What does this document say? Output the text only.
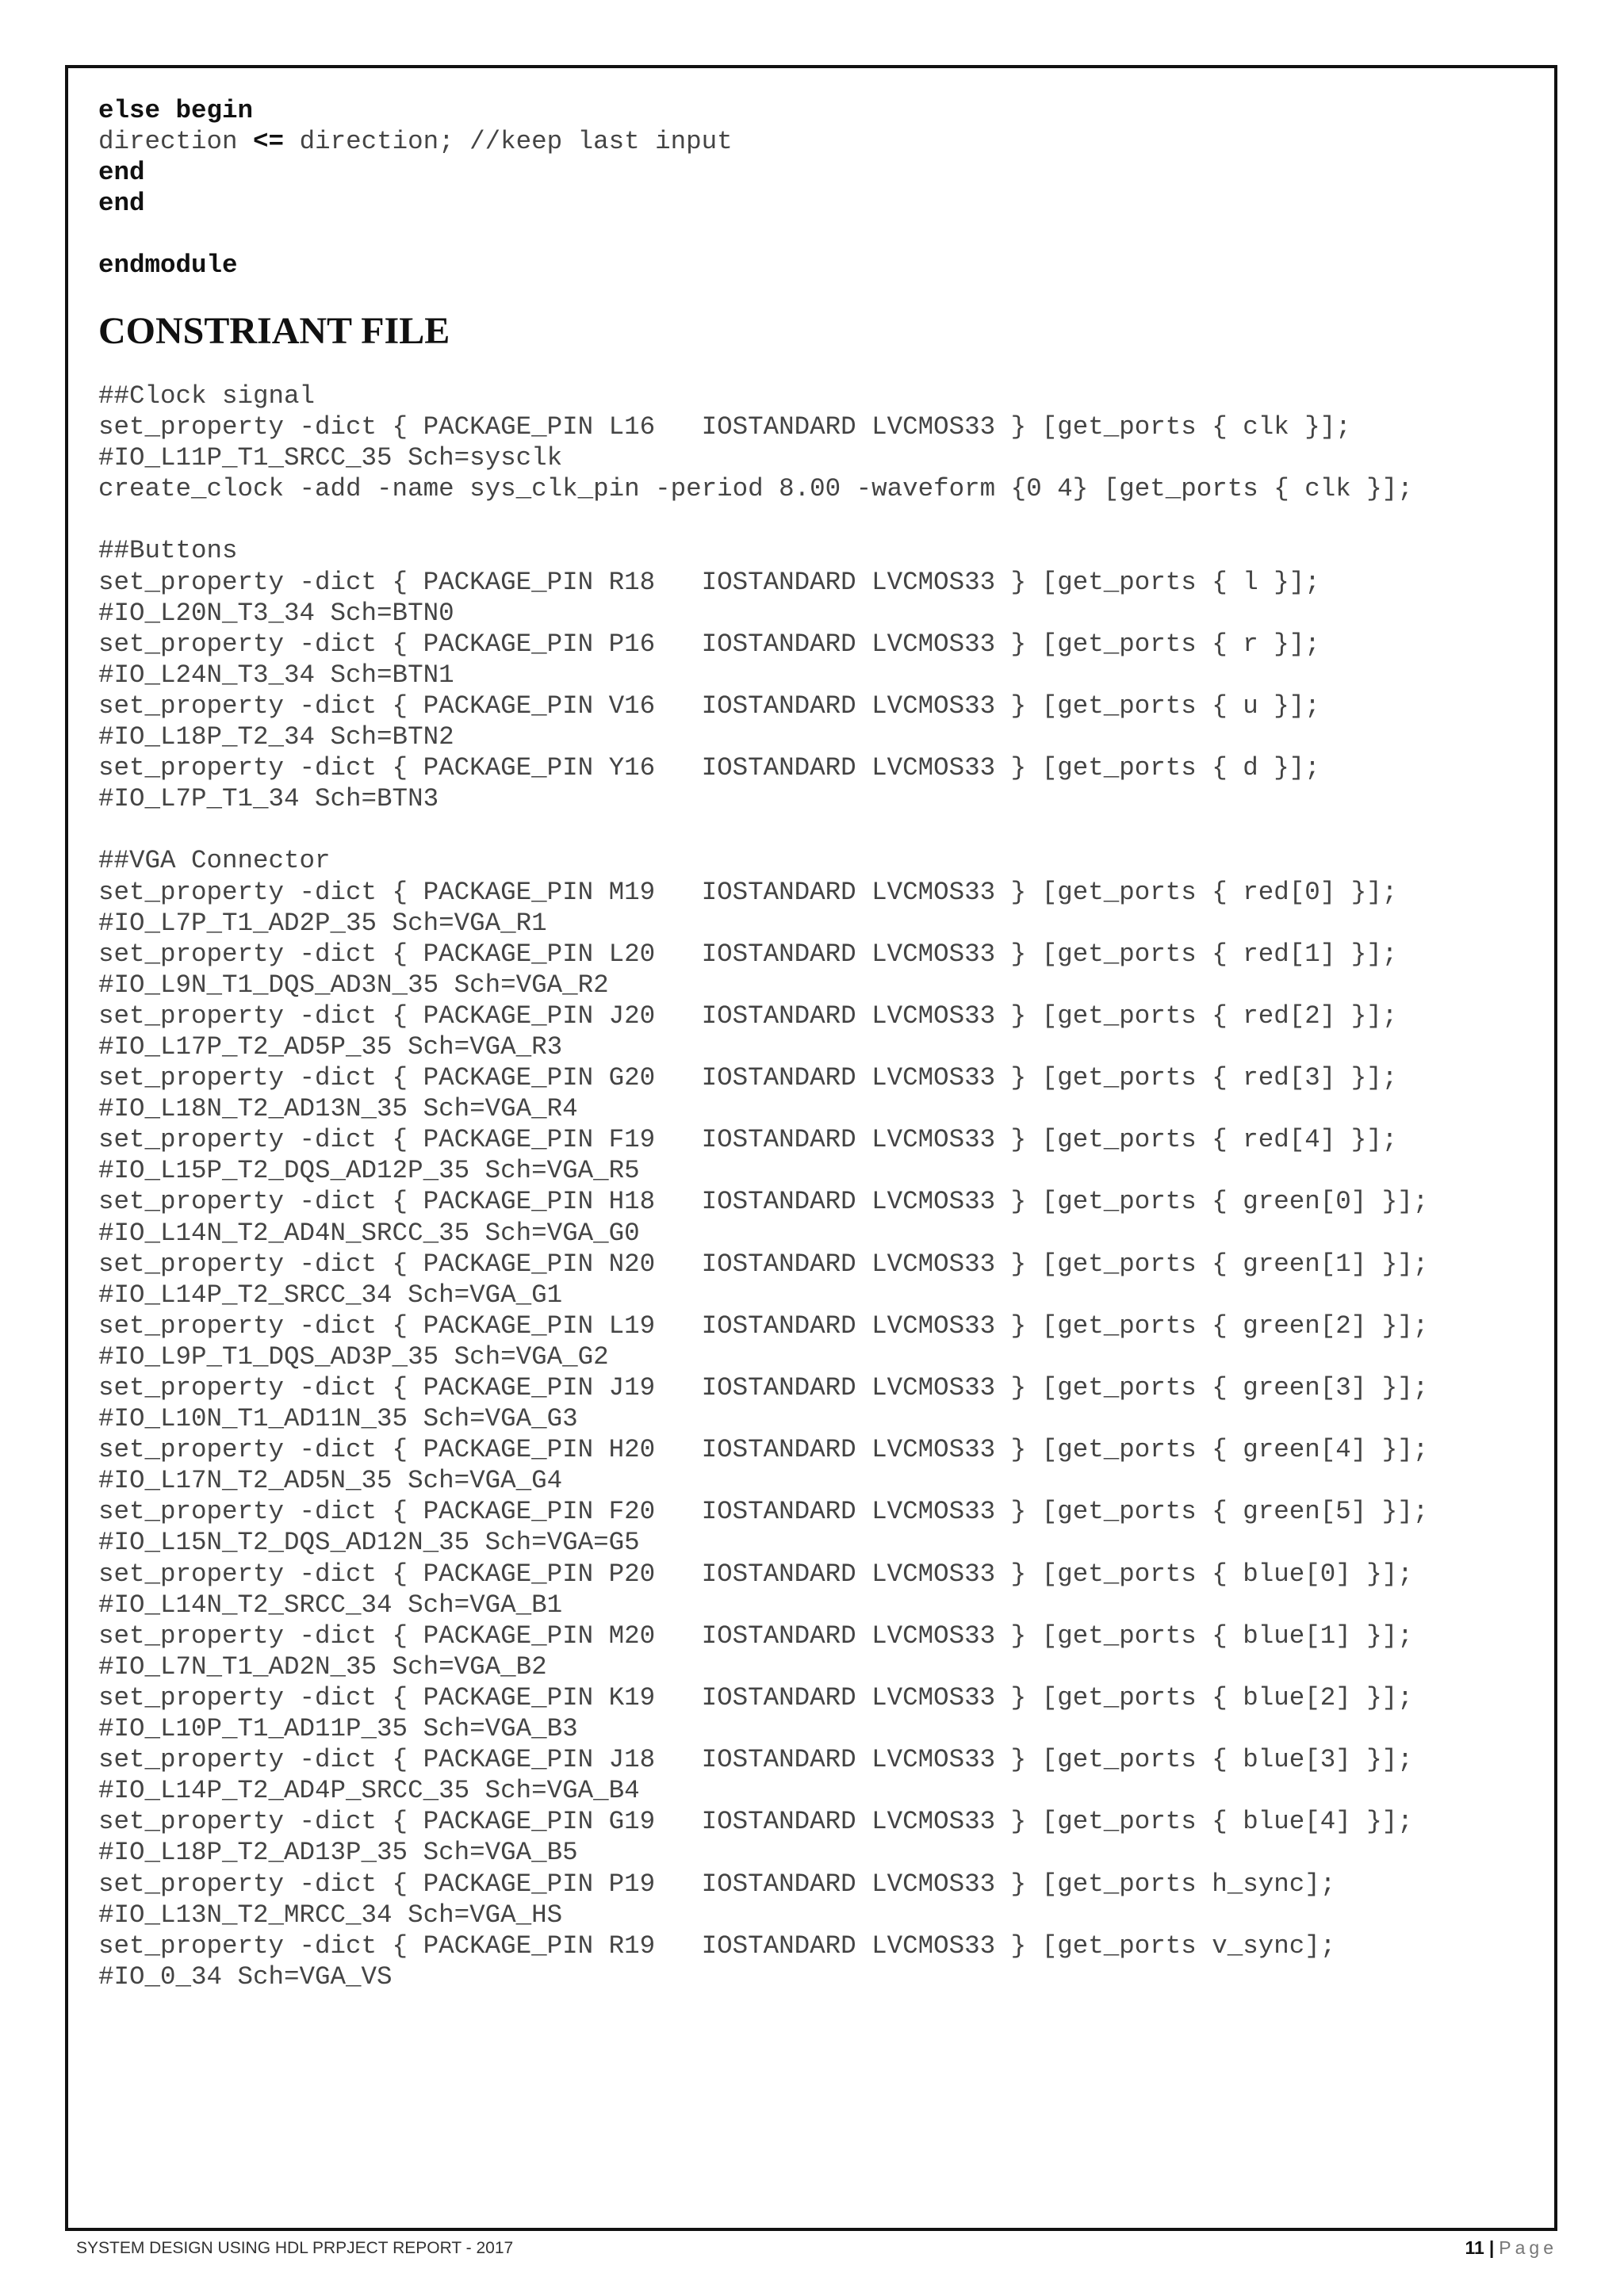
else begin
direction <= direction; //keep last input
end
end
endmodule
CONSTRIANT FILE
##Clock signal
set_property -dict { PACKAGE_PIN L16   IOSTANDARD LVCMOS33 } [get_ports { clk }];
#IO_L11P_T1_SRCC_35 Sch=sysclk
create_clock -add -name sys_clk_pin -period 8.00 -waveform {0 4} [get_ports { clk }];
##Buttons
set_property -dict { PACKAGE_PIN R18   IOSTANDARD LVCMOS33 } [get_ports { l }];
#IO_L20N_T3_34 Sch=BTN0
set_property -dict { PACKAGE_PIN P16   IOSTANDARD LVCMOS33 } [get_ports { r }];
#IO_L24N_T3_34 Sch=BTN1
set_property -dict { PACKAGE_PIN V16   IOSTANDARD LVCMOS33 } [get_ports { u }];
#IO_L18P_T2_34 Sch=BTN2
set_property -dict { PACKAGE_PIN Y16   IOSTANDARD LVCMOS33 } [get_ports { d }];
#IO_L7P_T1_34 Sch=BTN3
##VGA Connector
set_property -dict { PACKAGE_PIN M19   IOSTANDARD LVCMOS33 } [get_ports { red[0] }];
#IO_L7P_T1_AD2P_35 Sch=VGA_R1
set_property -dict { PACKAGE_PIN L20   IOSTANDARD LVCMOS33 } [get_ports { red[1] }];
#IO_L9N_T1_DQS_AD3N_35 Sch=VGA_R2
set_property -dict { PACKAGE_PIN J20   IOSTANDARD LVCMOS33 } [get_ports { red[2] }];
#IO_L17P_T2_AD5P_35 Sch=VGA_R3
set_property -dict { PACKAGE_PIN G20   IOSTANDARD LVCMOS33 } [get_ports { red[3] }];
#IO_L18N_T2_AD13N_35 Sch=VGA_R4
set_property -dict { PACKAGE_PIN F19   IOSTANDARD LVCMOS33 } [get_ports { red[4] }];
#IO_L15P_T2_DQS_AD12P_35 Sch=VGA_R5
set_property -dict { PACKAGE_PIN H18   IOSTANDARD LVCMOS33 } [get_ports { green[0] }];
#IO_L14N_T2_AD4N_SRCC_35 Sch=VGA_G0
set_property -dict { PACKAGE_PIN N20   IOSTANDARD LVCMOS33 } [get_ports { green[1] }];
#IO_L14P_T2_SRCC_34 Sch=VGA_G1
set_property -dict { PACKAGE_PIN L19   IOSTANDARD LVCMOS33 } [get_ports { green[2] }];
#IO_L9P_T1_DQS_AD3P_35 Sch=VGA_G2
set_property -dict { PACKAGE_PIN J19   IOSTANDARD LVCMOS33 } [get_ports { green[3] }];
#IO_L10N_T1_AD11N_35 Sch=VGA_G3
set_property -dict { PACKAGE_PIN H20   IOSTANDARD LVCMOS33 } [get_ports { green[4] }];
#IO_L17N_T2_AD5N_35 Sch=VGA_G4
set_property -dict { PACKAGE_PIN F20   IOSTANDARD LVCMOS33 } [get_ports { green[5] }];
#IO_L15N_T2_DQS_AD12N_35 Sch=VGA=G5
set_property -dict { PACKAGE_PIN P20   IOSTANDARD LVCMOS33 } [get_ports { blue[0] }];
#IO_L14N_T2_SRCC_34 Sch=VGA_B1
set_property -dict { PACKAGE_PIN M20   IOSTANDARD LVCMOS33 } [get_ports { blue[1] }];
#IO_L7N_T1_AD2N_35 Sch=VGA_B2
set_property -dict { PACKAGE_PIN K19   IOSTANDARD LVCMOS33 } [get_ports { blue[2] }];
#IO_L10P_T1_AD11P_35 Sch=VGA_B3
set_property -dict { PACKAGE_PIN J18   IOSTANDARD LVCMOS33 } [get_ports { blue[3] }];
#IO_L14P_T2_AD4P_SRCC_35 Sch=VGA_B4
set_property -dict { PACKAGE_PIN G19   IOSTANDARD LVCMOS33 } [get_ports { blue[4] }];
#IO_L18P_T2_AD13P_35 Sch=VGA_B5
set_property -dict { PACKAGE_PIN P19   IOSTANDARD LVCMOS33 } [get_ports h_sync];
#IO_L13N_T2_MRCC_34 Sch=VGA_HS
set_property -dict { PACKAGE_PIN R19   IOSTANDARD LVCMOS33 } [get_ports v_sync];
#IO_0_34 Sch=VGA_VS
SYSTEM DESIGN USING HDL PRPJECT REPORT - 2017	11 | Page
